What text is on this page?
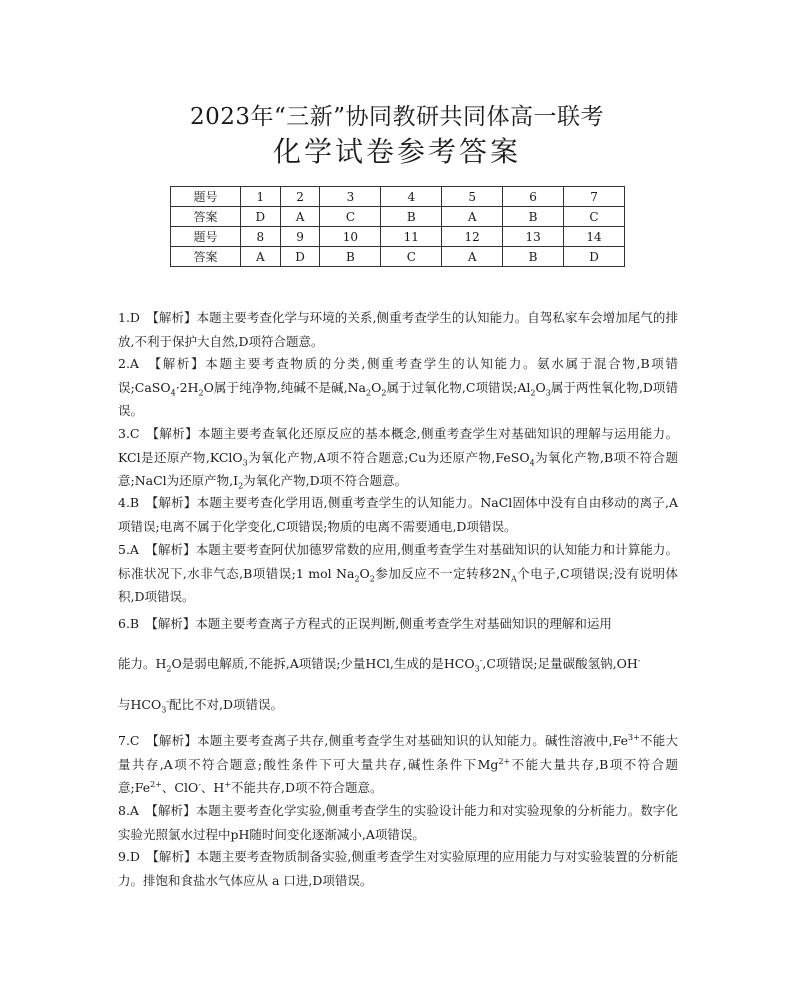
2023年“三新”协同教研共同体高一联考
化学试卷参考答案
题号	1	2	3	4	5	6	7
答案	D	A	C	B	A	B	C
题号	8	9	10	11	12	13	14
答案	A	D	B	C	A	B	D

1.D　【解析】本题主要考查化学与环境的关系,侧重考查学生的认知能力。自驾私家车会增加尾气的排放,不利于保护大自然,D项符合题意。

2.A　【解析】本题主要考查物质的分类,侧重考查学生的认知能力。氨水属于混合物,B项错误$;CaSO_4\cdot 2H_2O$属于纯净物,纯碱不是碱$,Na_2O_2$属于过氧化物,C项错误$;Al_2O_3$属于两性氧化物,D项错误。

3.C　【解析】本题主要考查氧化还原反应的基本概念,侧重考查学生对基础知识的理解与运用能力。KCl是还原产物,KClO$_3$为氧化产物,A项不符合题意;Cu为还原产物,FeSO$_4$为氧化产物,B项不符合题意;NaCl为还原产物$,I_2$为氧化产物,D项不符合题意。

4.B　【解析】本题主要考查化学用语,侧重考查学生的认知能力。NaCl固体中没有自由移动的离子,A项错误;电离不属于化学变化,C项错误;物质的电离不需要通电,D项错误。

5.A　【解析】本题主要考查阿伏加德罗常数的应用,侧重考查学生对基础知识的认知能力和计算能力。标准状况下,水非气态,B项错误;1 mol $Na_2O_2$参加反应不一定转移$2N_A$个电子,C项错误;没有说明体积,D项错误。

6.B　【解析】本题主要考查离子方程式的正误判断,侧重考查学生对基础知识的理解和运用

能力。$H_2O$是弱电解质,不能拆,A项错误;少量HCl,生成的是$HCO_3^-,C$项错误;足量碳酸氢钠,OH-

与$HCO_3^-$配比不对,D项错误。

7.C　【解析】本题主要考查离子共存,侧重考查学生对基础知识的认知能力。碱性溶液中$,Fe^{3+}$不能大量共存,A项不符合题意;酸性条件下可大量共存,碱性条件下$Mg^{2+}$不能大量共存,B项不符合题意$;Fe^{2+}$、ClO-、H+不能共存,D项不符合题意。

8.A　【解析】本题主要考查化学实验,侧重考查学生的实验设计能力和对实验现象的分析能力。数字化实验光照氯水过程中pH随时间变化逐渐减小,A项错误。

9.D　【解析】本题主要考查物质制备实验,侧重考查学生对实验原理的应用能力与对实验装置的分析能力。排饱和食盐水气体应从 a 口进,D项错误。
